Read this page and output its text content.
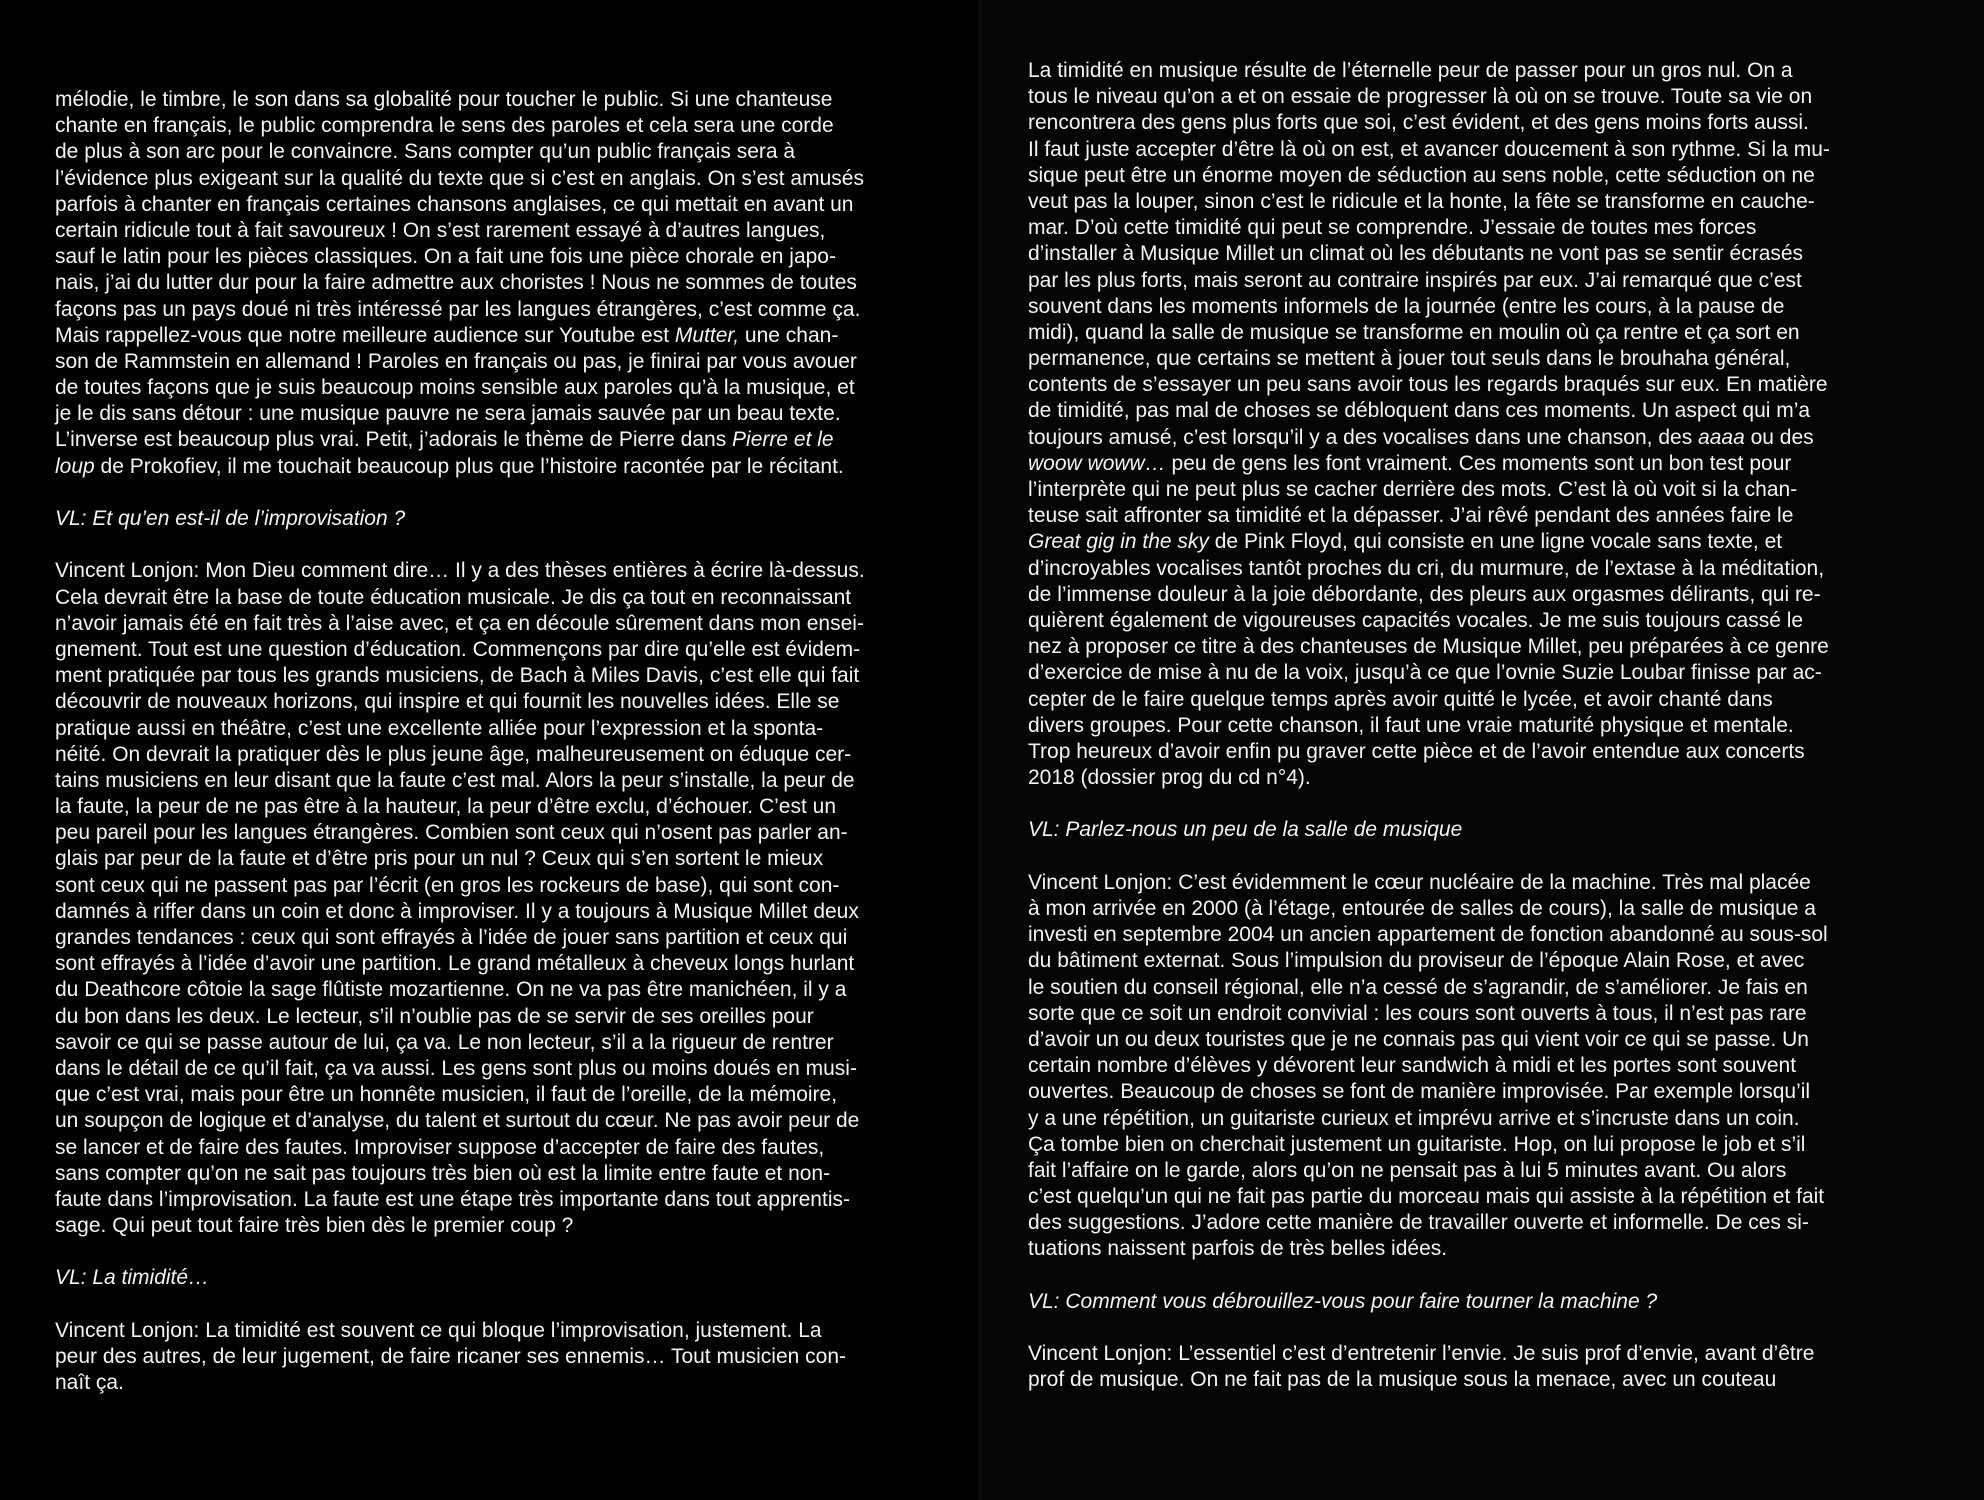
mélodie, le timbre, le son dans sa globalité pour toucher le public. Si une chanteuse
chante en français, le public comprendra le sens des paroles et cela sera une corde
de plus à son arc pour le convaincre. Sans compter qu’un public français sera à
l’évidence plus exigeant sur la qualité du texte que si c’est en anglais. On s’est amusés
parfois à chanter en français certaines chansons anglaises, ce qui mettait en avant un
certain ridicule tout à fait savoureux ! On s’est rarement essayé à d’autres langues,
sauf le latin pour les pièces classiques. On a fait une fois une pièce chorale en japo-
nais, j’ai du lutter dur pour la faire admettre aux choristes ! Nous ne sommes de toutes
façons pas un pays doué ni très intéressé par les langues étrangères, c’est comme ça.
Mais rappellez-vous que notre meilleure audience sur Youtube est Mutter, une chan-
son de Rammstein en allemand ! Paroles en français ou pas, je finirai par vous avouer
de toutes façons que je suis beaucoup moins sensible aux paroles qu’à la musique, et
je le dis sans détour : une musique pauvre ne sera jamais sauvée par un beau texte.
L’inverse est beaucoup plus vrai. Petit, j’adorais le thème de Pierre dans Pierre et le
loup de Prokofiev, il me touchait beaucoup plus que l’histoire racontée par le récitant.
VL: Et qu’en est-il de l’improvisation ?
Vincent Lonjon: Mon Dieu comment dire… Il y a des thèses entières à écrire là-dessus.
Cela devrait être la base de toute éducation musicale. Je dis ça tout en reconnaissant
n’avoir jamais été en fait très à l’aise avec, et ça en découle sûrement dans mon ensei-
gnement. Tout est une question d’éducation. Commençons par dire qu’elle est évidem-
ment pratiquée par tous les grands musiciens, de Bach à Miles Davis, c’est elle qui fait
découvrir de nouveaux horizons, qui inspire et qui fournit les nouvelles idées. Elle se
pratique aussi en théâtre, c’est une excellente alliée pour l’expression et la sponta-
néité. On devrait la pratiquer dès le plus jeune âge, malheureusement on éduque cer-
tains musiciens en leur disant que la faute c’est mal. Alors la peur s’installe, la peur de
la faute, la peur de ne pas être à la hauteur, la peur d’être exclu, d’échouer. C’est un
peu pareil pour les langues étrangères. Combien sont ceux qui n’osent pas parler an-
glais par peur de la faute et d’être pris pour un nul ? Ceux qui s’en sortent le mieux
sont ceux qui ne passent pas par l’écrit (en gros les rockeurs de base), qui sont con-
damnés à riffer dans un coin et donc à improviser. Il y a toujours à Musique Millet deux
grandes tendances : ceux qui sont effrayés à l’idée de jouer sans partition et ceux qui
sont effrayés à l’idée d’avoir une partition. Le grand métalleux à cheveux longs hurlant
du Deathcore côtoie la sage flûtiste mozartienne. On ne va pas être manichéen, il y a
du bon dans les deux. Le lecteur, s’il n’oublie pas de se servir de ses oreilles pour
savoir ce qui se passe autour de lui, ça va. Le non lecteur, s’il a la rigueur de rentrer
dans le détail de ce qu’il fait, ça va aussi. Les gens sont plus ou moins doués en musi-
que c’est vrai, mais pour être un honnête musicien, il faut de l’oreille, de la mémoire,
un soupçon de logique et d’analyse, du talent et surtout du cœur. Ne pas avoir peur de
se lancer et de faire des fautes. Improviser suppose d’accepter de faire des fautes,
sans compter qu’on ne sait pas toujours très bien où est la limite entre faute et non-
faute dans l’improvisation. La faute est une étape très importante dans tout apprentis-
sage. Qui peut tout faire très bien dès le premier coup ?
VL: La timidité…
Vincent Lonjon: La timidité est souvent ce qui bloque l’improvisation, justement. La
peur des autres, de leur jugement, de faire ricaner ses ennemis… Tout musicien con-
naît ça.
La timidité en musique résulte de l’éternelle peur de passer pour un gros nul. On a
tous le niveau qu’on a et on essaie de progresser là où on se trouve. Toute sa vie on
rencontrera des gens plus forts que soi, c’est évident, et des gens moins forts aussi.
Il faut juste accepter d’être là où on est, et avancer doucement à son rythme. Si la mu-
sique peut être un énorme moyen de séduction au sens noble, cette séduction on ne
veut pas la louper, sinon c’est le ridicule et la honte, la fête se transforme en cauche-
mar. D’où cette timidité qui peut se comprendre. J’essaie de toutes mes forces
d’installer à Musique Millet un climat où les débutants ne vont pas se sentir écrasés
par les plus forts, mais seront au contraire inspirés par eux. J’ai remarqué que c’est
souvent dans les moments informels de la journée (entre les cours, à la pause de
midi), quand la salle de musique se transforme en moulin où ça rentre et ça sort en
permanence, que certains se mettent à jouer tout seuls dans le brouhaha général,
contents de s’essayer un peu sans avoir tous les regards braqués sur eux. En matière
de timidité, pas mal de choses se débloquent dans ces moments. Un aspect qui m’a
toujours amusé, c’est lorsqu’il y a des vocalises dans une chanson, des aaaa ou des
woow woww… peu de gens les font vraiment. Ces moments sont un bon test pour
l’interprète qui ne peut plus se cacher derrière des mots. C’est là où voit si la chan-
teuse sait affronter sa timidité et la dépasser. J’ai rêvé pendant des années faire le
Great gig in the sky de Pink Floyd, qui consiste en une ligne vocale sans texte, et
d’incroyables vocalises tantôt proches du cri, du murmure, de l’extase à la méditation,
de l’immense douleur à la joie débordante, des pleurs aux orgasmes délirants, qui re-
quièrent également de vigoureuses capacités vocales. Je me suis toujours cassé le
nez à proposer ce titre à des chanteuses de Musique Millet, peu préparées à ce genre
d’exercice de mise à nu de la voix, jusqu’à ce que l’ovnie Suzie Loubar finisse par ac-
cepter de le faire quelque temps après avoir quitté le lycée, et avoir chanté dans
divers groupes. Pour cette chanson, il faut une vraie maturité physique et mentale.
Trop heureux d’avoir enfin pu graver cette pièce et de l’avoir entendue aux concerts
2018 (dossier prog du cd n°4).
VL: Parlez-nous un peu de la salle de musique
Vincent Lonjon: C’est évidemment le cœur nucléaire de la machine. Très mal placée
à mon arrivée en 2000 (à l’étage, entourée de salles de cours), la salle de musique a
investi en septembre 2004 un ancien appartement de fonction abandonné au sous-sol
du bâtiment externat. Sous l’impulsion du proviseur de l’époque Alain Rose, et avec
le soutien du conseil régional, elle n’a cessé de s’agrandir, de s’améliorer. Je fais en
sorte que ce soit un endroit convivial : les cours sont ouverts à tous, il n’est pas rare
d’avoir un ou deux touristes que je ne connais pas qui vient voir ce qui se passe. Un
certain nombre d’élèves y dévorent leur sandwich à midi et les portes sont souvent
ouvertes. Beaucoup de choses se font de manière improvisée. Par exemple lorsqu’il
y a une répétition, un guitariste curieux et imprévu arrive et s’incruste dans un coin.
Ça tombe bien on cherchait justement un guitariste. Hop, on lui propose le job et s’il
fait l’affaire on le garde, alors qu’on ne pensait pas à lui 5 minutes avant. Ou alors
c’est quelqu’un qui ne fait pas partie du morceau mais qui assiste à la répétition et fait
des suggestions. J’adore cette manière de travailler ouverte et informelle. De ces si-
tuations naissent parfois de très belles idées.
VL: Comment vous débrouillez-vous pour faire tourner la machine ?
Vincent Lonjon: L’essentiel c’est d’entretenir l’envie. Je suis prof d’envie, avant d’être
prof de musique. On ne fait pas de la musique sous la menace, avec un couteau
